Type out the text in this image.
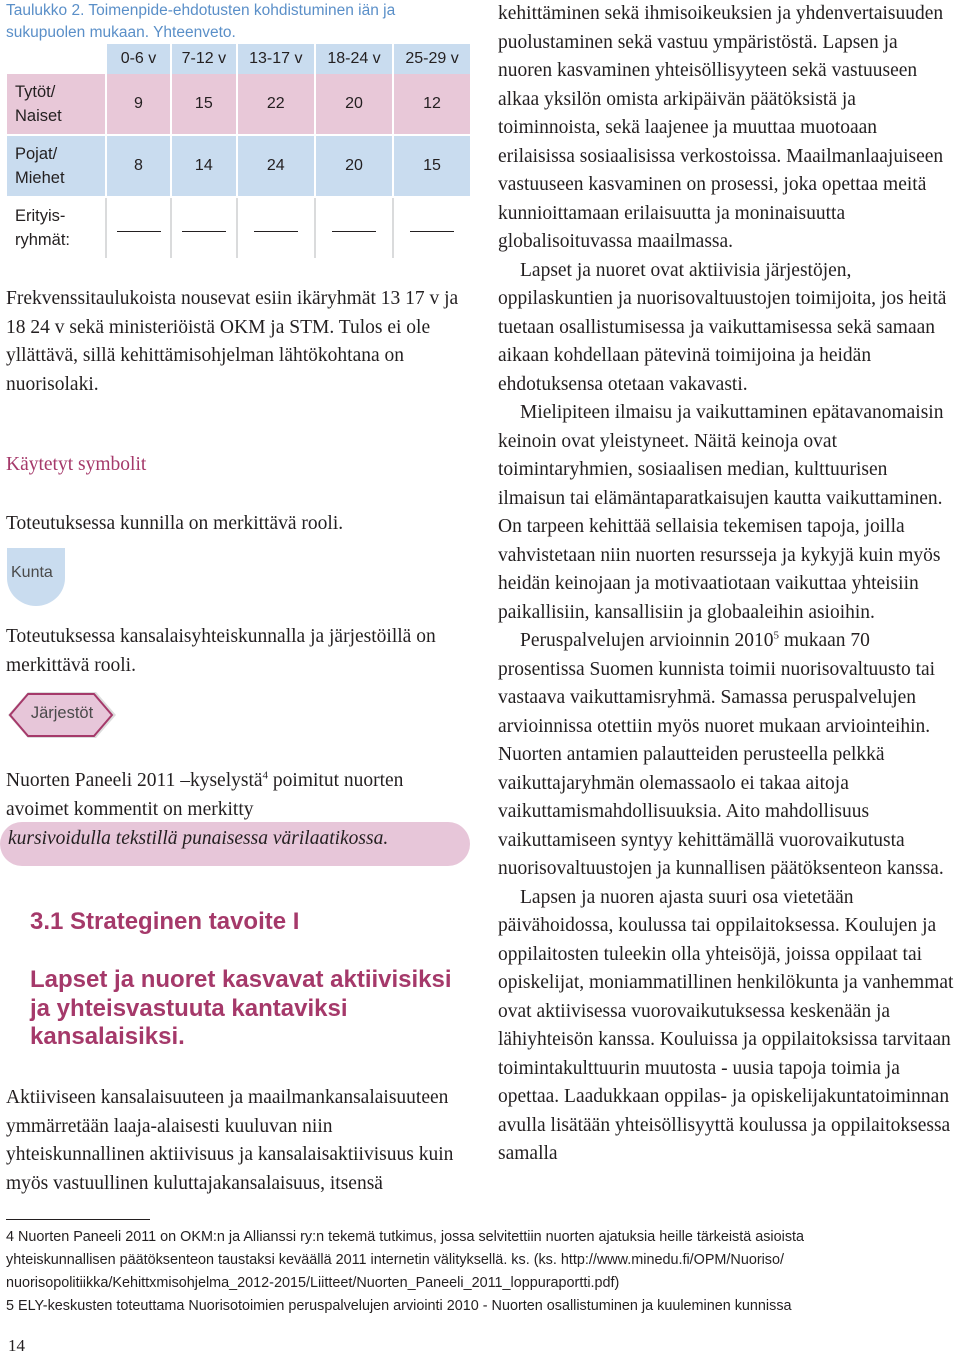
Taulukko 2. Toimenpide-ehdotusten kohdistuminen iän ja
sukupuolen mukaan. Yhteenveto.
	0-6 v	7-12 v	13-17 v	18-24 v	25-29 v

Tytöt/
Naiset	9	15	22	20	12

Pojat/
Miehet	8	14	24	20	15

Erityis-
ryhmät:					

Frekvenssitaulukoista nousevat esiin ikäryhmät 13 17 v ja 18 24 v sekä ministeriöistä OKM ja STM. Tulos ei ole yllättävä, sillä kehittämisohjelman lähtökohtana on nuorisolaki.
Käytetyt symbolit
Toteutuksessa kunnilla on merkittävä rooli.
Kunta
Toteutuksessa kansalaisyhteiskunnalla ja järjestöillä on merkittävä rooli.
Järjestöt
Nuorten Paneeli 2011 –kyselystä$^4$ poimitut nuorten avoimet kommentit on merkitty
kursivoidulla tekstillä punaisessa värilaatikossa.
3.1 Strateginen tavoite I
Lapset ja nuoret kasvavat aktiivisiksi ja yhteisvastuuta kantaviksi kansalaisiksi.
Aktiiviseen kansalaisuuteen ja maailmankansalaisuuteen ymmärretään laaja-alaisesti kuuluvan niin yhteiskunnallinen aktiivisuus ja kansalaisaktiivisuus kuin myös vastuullinen kuluttajakansalaisuus, itsensä

kehittäminen sekä ihmisoikeuksien ja yhdenvertaisuuden puolustaminen sekä vastuu ympäristöstä. Lapsen ja nuoren kasvaminen yhteisöllisyyteen sekä vastuuseen alkaa yksilön omista arkipäivän päätöksistä ja toiminnoista, sekä laajenee ja muuttaa muotoaan erilaisissa sosiaalisissa verkostoissa. Maailmanlaajuiseen vastuuseen kasvaminen on prosessi, joka opettaa meitä kunnioittamaan erilaisuutta ja moninaisuutta globalisoituvassa maailmassa.

Lapset ja nuoret ovat aktiivisia järjestöjen, oppilaskuntien ja nuorisovaltuustojen toimijoita, jos heitä tuetaan osallistumisessa ja vaikuttamisessa sekä samaan aikaan kohdellaan pätevinä toimijoina ja heidän ehdotuksensa otetaan vakavasti.

Mielipiteen ilmaisu ja vaikuttaminen epätavanomaisin keinoin ovat yleistyneet. Näitä keinoja ovat toimintaryhmien, sosiaalisen median, kulttuurisen ilmaisun tai elämäntaparatkaisujen kautta vaikuttaminen. On tarpeen kehittää sellaisia tekemisen tapoja, joilla vahvistetaan niin nuorten resursseja ja kykyjä kuin myös heidän keinojaan ja motivaatiotaan vaikuttaa yhteisiin paikallisiin, kansallisiin ja globaaleihin asioihin.

Peruspalvelujen arvioinnin 2010$^5$ mukaan 70 prosentissa Suomen kunnista toimii nuorisovaltuusto tai vastaava vaikuttamisryhmä. Samassa peruspalvelujen arvioinnissa otettiin myös nuoret mukaan arviointeihin. Nuorten antamien palautteiden perusteella pelkkä vaikuttajaryhmän olemassaolo ei takaa aitoja vaikuttamismahdollisuuksia. Aito mahdollisuus vaikuttamiseen syntyy kehittämällä vuorovaikutusta nuorisovaltuustojen ja kunnallisen päätöksenteon kanssa.

Lapsen ja nuoren ajasta suuri osa vietetään päivähoidossa, koulussa tai oppilaitoksessa. Koulujen ja oppilaitosten tuleekin olla yhteisöjä, joissa oppilaat tai opiskelijat, moniammatillinen henkilökunta ja vanhemmat ovat aktiivisessa vuorovaikutuksessa keskenään ja lähiyhteisön kanssa. Kouluissa ja oppilaitoksissa tarvitaan toimintakulttuurin muutosta - uusia tapoja toimia ja opettaa. Laadukkaan oppilas- ja opiskelijakuntatoiminnan avulla lisätään yhteisöllisyyttä koulussa ja oppilaitoksessa samalla

4 Nuorten Paneeli 2011 on OKM:n ja Allianssi ry:n tekemä tutkimus, jossa selvitettiin nuorten ajatuksia heille tärkeistä asioista
yhteiskunnallisen päätöksenteon taustaksi keväällä 2011 internetin välityksellä. ks. (ks. http://www.minedu.fi/OPM/Nuoriso/
nuorisopolitiikka/Kehittxmisohjelma_2012-2015/Liitteet/Nuorten_Paneeli_2011_loppuraportti.pdf)
5 ELY-keskusten toteuttama Nuorisotoimien peruspalvelujen arviointi 2010 - Nuorten osallistuminen ja kuuleminen kunnissa
14
